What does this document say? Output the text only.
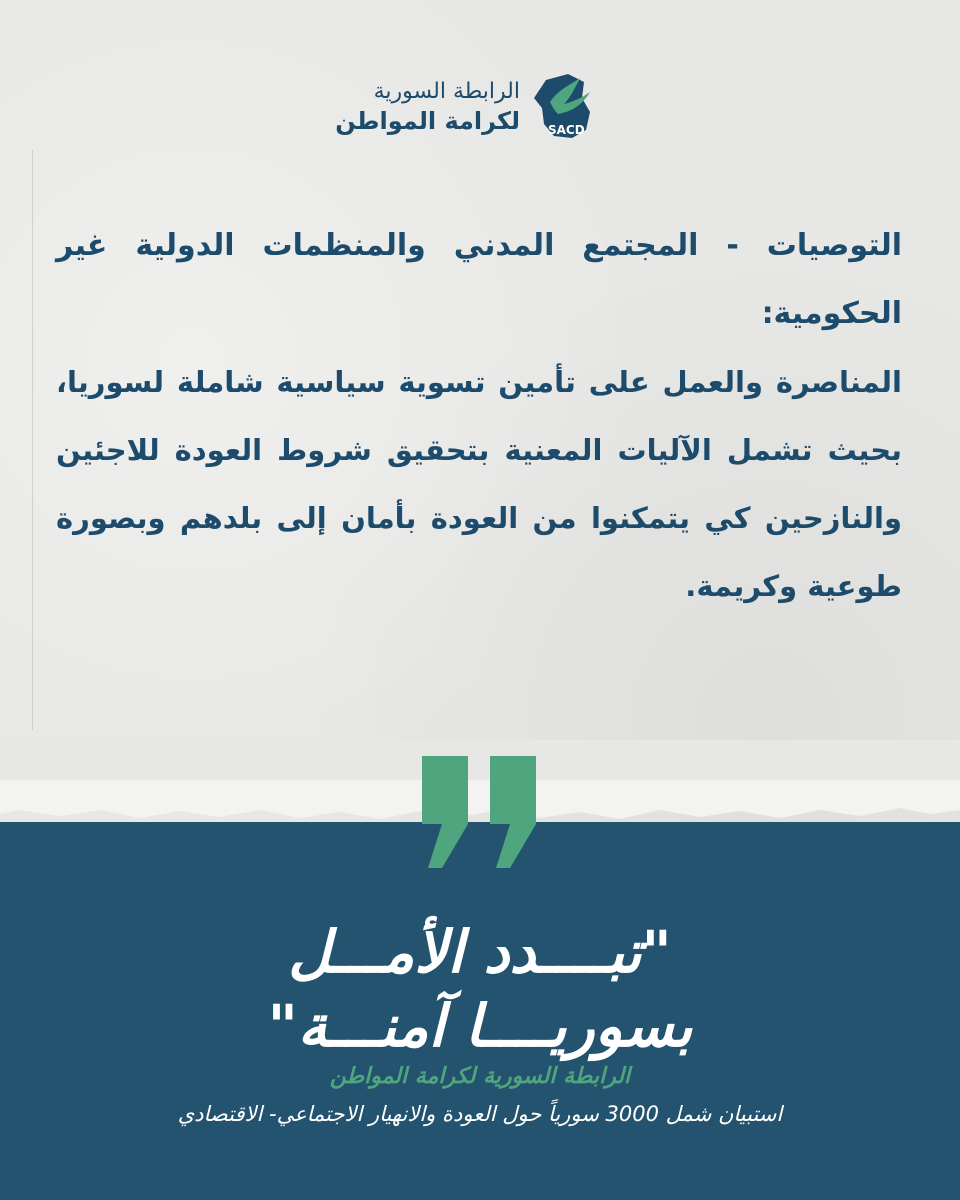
الرابطة السورية
لكرامة المواطن SACD
التوصيات - المجتمع المدني والمنظمات الدولية غير الحكومية:

المناصرة والعمل على تأمين تسوية سياسية شاملة لسوريا، بحيث تشمل الآليات المعنية بتحقيق شروط العودة للاجئين والنازحين كي يتمكنوا من العودة بأمان إلى بلدهم وبصورة طوعية وكريمة.

"تبــــدد الأمـــل
بسوريــــا آمنـــة"
الرابطة السورية لكرامة المواطن
استبيان شمل 3000 سورياً حول العودة والانهيار الاجتماعي- الاقتصادي
